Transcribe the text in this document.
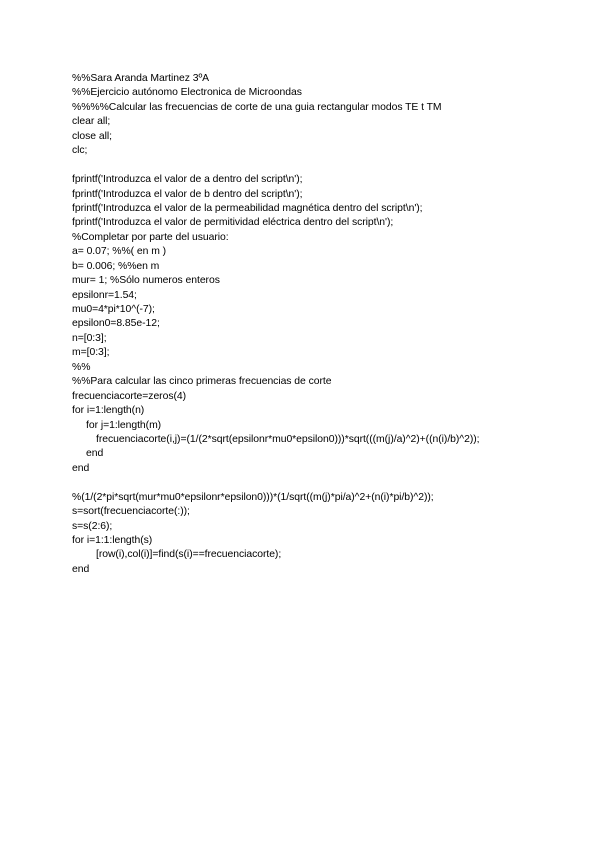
%%Sara Aranda Martinez 3ºA
%%Ejercicio autónomo Electronica de Microondas
%%%%Calcular las frecuencias de corte de una guia rectangular modos TE t TM
clear all;
close all;
clc;
fprintf('Introduzca el valor de a dentro del script\n');
fprintf('Introduzca el valor de b dentro del script\n');
fprintf('Introduzca el valor de la permeabilidad magnética dentro del script\n');
fprintf('Introduzca el valor de permitividad eléctrica dentro del script\n');
%Completar por parte del usuario:
a= 0.07; %%( en m )
b= 0.006; %%en m
mur= 1; %Sólo numeros enteros
epsilonr=1.54;
mu0=4*pi*10^(-7);
epsilon0=8.85e-12;
n=[0:3];
m=[0:3];
%%
%%Para calcular las cinco primeras frecuencias de corte
frecuenciacorte=zeros(4)
for i=1:length(n)
for j=1:length(m)
frecuenciacorte(i,j)=(1/(2*sqrt(epsilonr*mu0*epsilon0)))*sqrt(((m(j)/a)^2)+((n(i)/b)^2));
end
end
%(1/(2*pi*sqrt(mur*mu0*epsilonr*epsilon0)))*(1/sqrt((m(j)*pi/a)^2+(n(i)*pi/b)^2));
s=sort(frecuenciacorte(:));
s=s(2:6);
for i=1:1:length(s)
[row(i),col(i)]=find(s(i)==frecuenciacorte);
end
